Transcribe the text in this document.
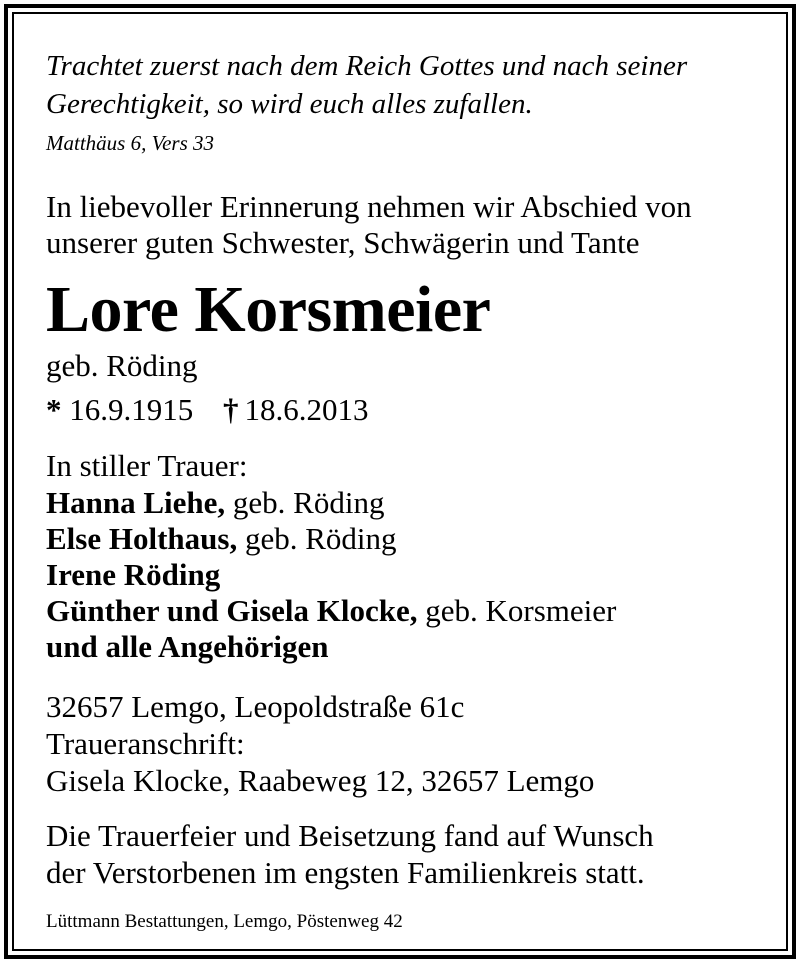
Trachtet zuerst nach dem Reich Gottes und nach seiner
Gerechtigkeit, so wird euch alles zufallen.
Matthäus 6, Vers 33
In liebevoller Erinnerung nehmen wir Abschied von
unserer guten Schwester, Schwägerin und Tante
Lore Korsmeier
geb. Röding
* 16.9.1915 † 18.6.2013
In stiller Trauer:
Hanna Liehe, geb. Röding
Else Holthaus, geb. Röding
Irene Röding
Günther und Gisela Klocke, geb. Korsmeier
und alle Angehörigen
32657 Lemgo, Leopoldstraße 61c
Traueranschrift:
Gisela Klocke, Raabeweg 12, 32657 Lemgo
Die Trauerfeier und Beisetzung fand auf Wunsch
der Verstorbenen im engsten Familienkreis statt.
Lüttmann Bestattungen, Lemgo, Pöstenweg 42
